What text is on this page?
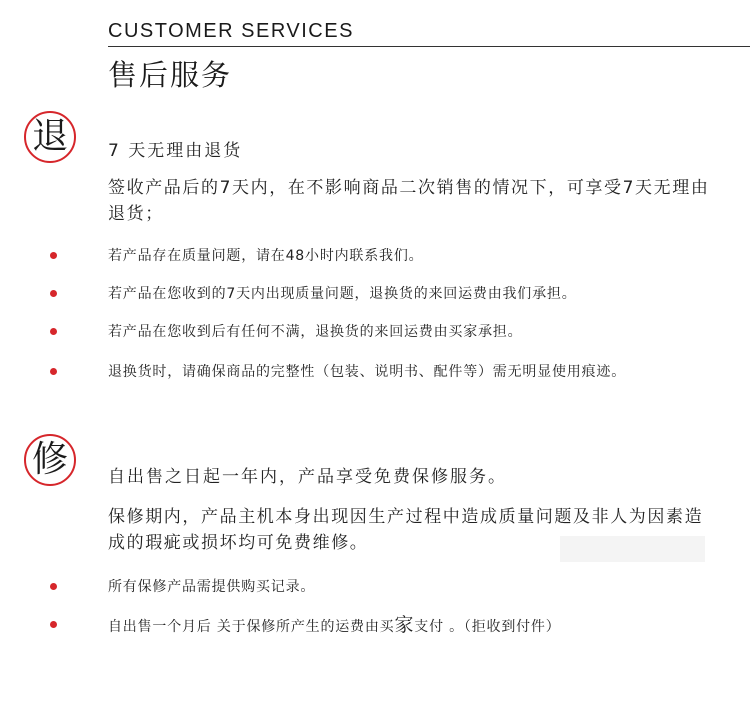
CUSTOMER SERVICES
售后服务
退	7 天无理由退货
签收产品后的7天内，在不影响商品二次销售的情况下，可享受7天无理由退货；
若产品存在质量问题，请在48小时内联系我们。
若产品在您收到的7天内出现质量问题，退换货的来回运费由我们承担。
若产品在您收到后有任何不满，退换货的来回运费由买家承担。
退换货时，请确保商品的完整性（包装、说明书、配件等）需无明显使用痕迹。
修	自出售之日起一年内，产品享受免费保修服务。
保修期内，产品主机本身出现因生产过程中造成质量问题及非人为因素造成的瑕疵或损坏均可免费维修。
所有保修产品需提供购买记录。
自出售一个月后 关于保修所产生的运费由买家支付 。（拒收到付件）
